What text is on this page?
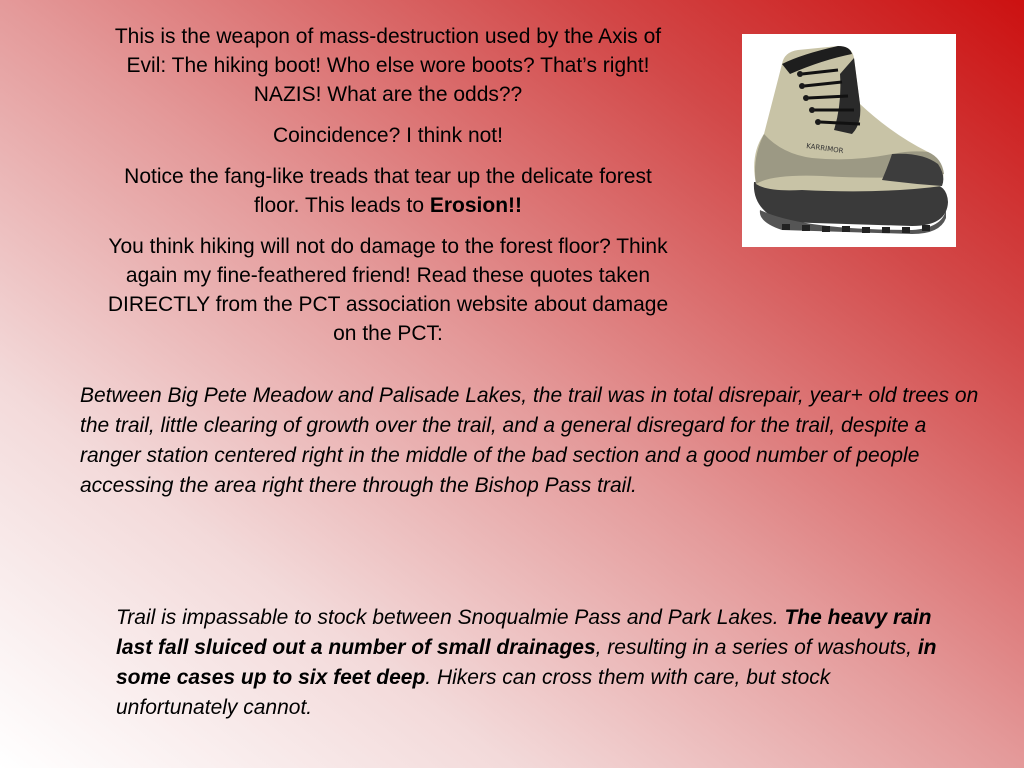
This is the weapon of mass-destruction used by the Axis of Evil: The hiking boot! Who else wore boots? That’s right! NAZIS! What are the odds??

Coincidence? I think not!

Notice the fang-like treads that tear up the delicate forest floor. This leads to Erosion!!

You think hiking will not do damage to the forest floor? Think again my fine-feathered friend! Read these quotes taken DIRECTLY from the PCT association website about damage on the PCT:

KARRIMOR

Between Big Pete Meadow and Palisade Lakes, the trail was in total disrepair, year+ old trees on the trail, little clearing of growth over the trail, and a general disregard for the trail, despite a ranger station centered right in the middle of the bad section and a good number of people accessing the area right there through the Bishop Pass trail.

Trail is impassable to stock between Snoqualmie Pass and Park Lakes. The heavy rain last fall sluiced out a number of small drainages, resulting in a series of washouts, in some cases up to six feet deep. Hikers can cross them with care, but stock unfortunately cannot.
